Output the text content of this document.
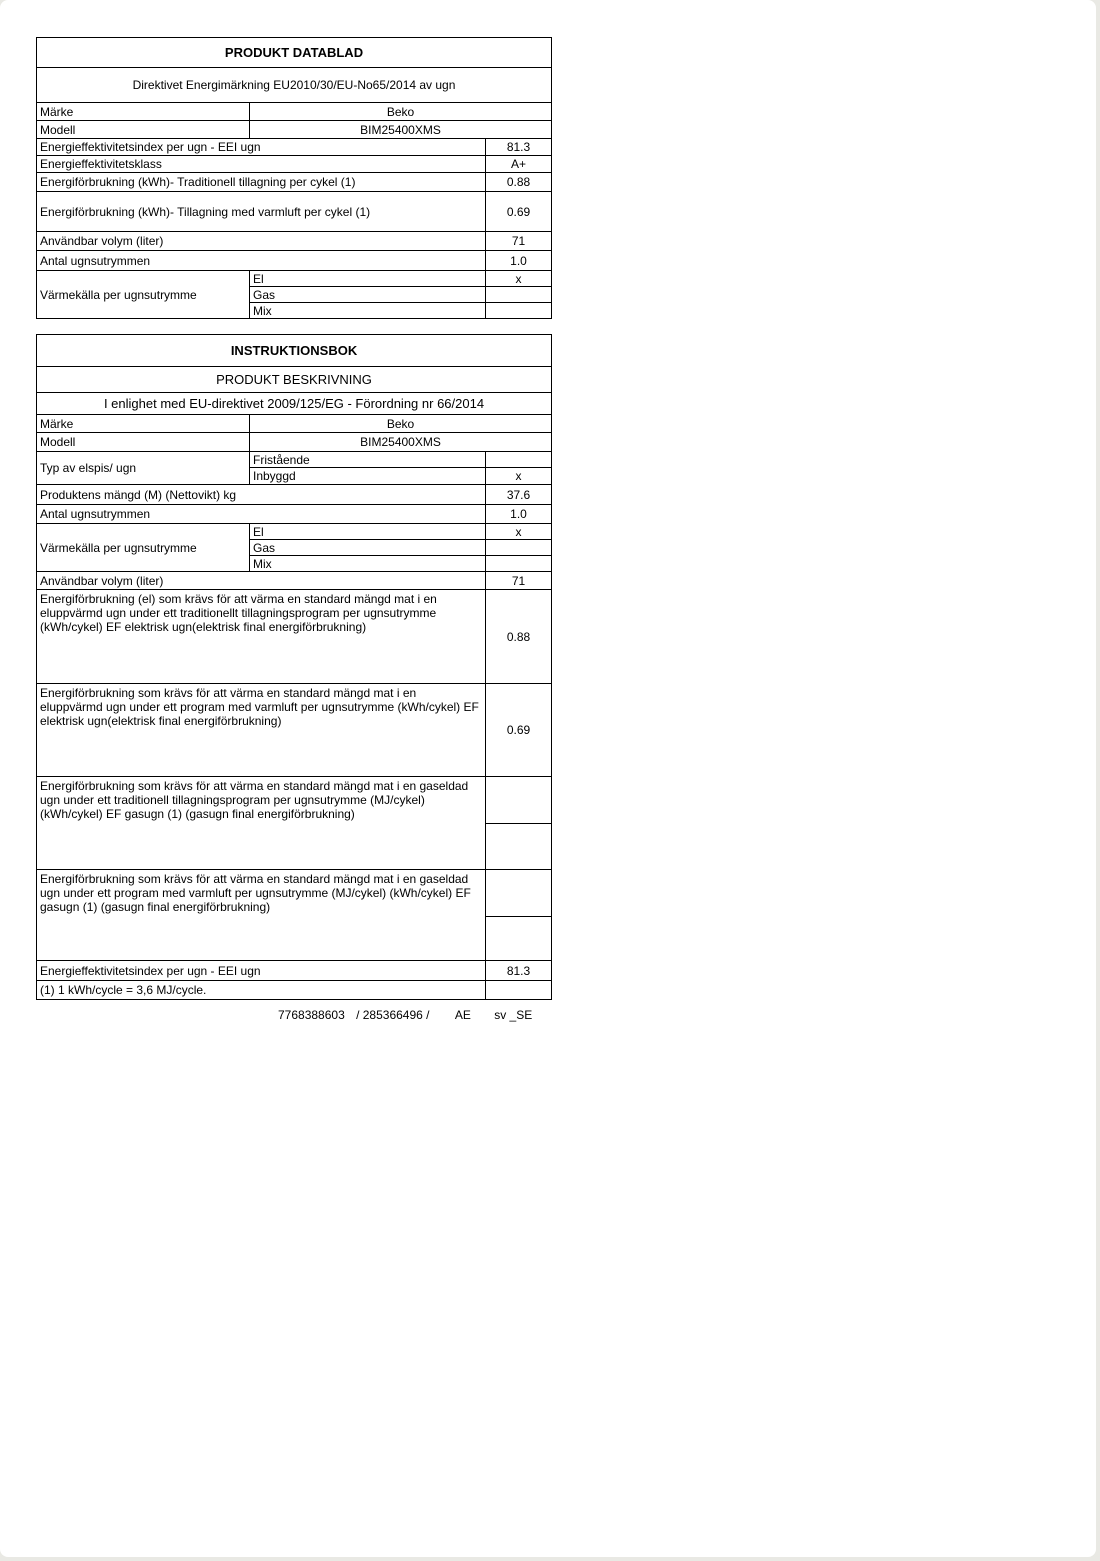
PRODUKT DATABLAD		
Direktivet Energimärkning EU2010/30/EU-No65/2014 av ugn		
Märke	Beko	
Modell	BIM25400XMS	
Energieffektivitetsindex per ugn - EEI ugn		81.3
Energieffektivitetsklass		A+
Energiförbrukning (kWh)- Traditionell tillagning per cykel (1)		0.88
Energiförbrukning (kWh)- Tillagning med varmluft per cykel (1)		0.69
Användbar volym (liter)		71
Antal ugnsutrymmen		1.0
Värmekälla per ugnsutrymme	El	x
	Gas	
	Mix	
INSTRUKTIONSBOK		
PRODUKT BESKRIVNING		
I enlighet med EU-direktivet 2009/125/EG - Förordning nr 66/2014		
Märke	Beko	
Modell	BIM25400XMS	
Typ av elspis/ ugn	Fristående	
	Inbyggd	x
Produktens mängd (M) (Nettovikt) kg		37.6
Antal ugnsutrymmen		1.0
Värmekälla per ugnsutrymme	El	x
	Gas	
	Mix	
Användbar volym (liter)		71
Energiförbrukning (el) som krävs för att värma en standard mängd mat i en eluppvärmd ugn under ett traditionellt tillagningsprogram per ugnsutrymme (kWh/cykel) EF elektrisk ugn(elektrisk final energiförbrukning)		0.88
Energiförbrukning som krävs för att värma en standard mängd mat i en eluppvärmd ugn under ett program med varmluft per ugnsutrymme (kWh/cykel) EF elektrisk ugn(elektrisk final energiförbrukning)		0.69
Energiförbrukning som krävs för att värma en standard mängd mat i en gaseldad ugn under ett traditionell tillagningsprogram per ugnsutrymme (MJ/cykel) (kWh/cykel) EF gasugn (1) (gasugn final energiförbrukning)		

Energiförbrukning som krävs för att värma en standard mängd mat i en gaseldad ugn under ett program med varmluft per ugnsutrymme (MJ/cykel) (kWh/cykel) EF gasugn (1) (gasugn final energiförbrukning)		

Energieffektivitetsindex per ugn - EEI ugn		81.3
(1) 1 kWh/cycle = 3,6 MJ/cycle.		
7768388603 / 285366496 / AE sv _SE
